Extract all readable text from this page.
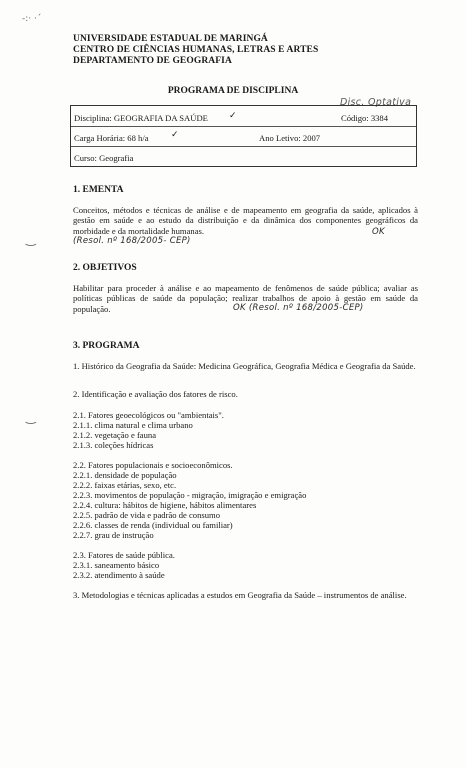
-:· ·´
UNIVERSIDADE ESTADUAL DE MARINGÁ
CENTRO DE CIÊNCIAS HUMANAS, LETRAS E ARTES
DEPARTAMENTO DE GEOGRAFIA
PROGRAMA DE DISCIPLINA
Disc. Optativa
Disciplina: GEOGRAFIA DA SAÚDE ✓	Código: 3384
Carga Horária: 68 h/a ✓	Ano Letivo: 2007
Curso: Geografia
1. EMENTA
Conceitos, métodos e técnicas de análise e de mapeamento em geografia da saúde, aplicados à gestão em saúde e ao estudo da distribuição e da dinâmica dos componentes geográficos da morbidade e da mortalidade humanas.	OK
(Resol. nº 168/2005- CEP)
‿
2. OBJETIVOS
Habilitar para proceder à análise e ao mapeamento de fenômenos de saúde pública; avaliar as políticas públicas de saúde da população; realizar trabalhos de apoio à gestão em saúde da população.	OK (Resol. nº 168/2005-CEP)
3. PROGRAMA
1. Histórico da Geografia da Saúde: Medicina Geográfica, Geografia Médica e Geografia da Saúde.
2. Identificação e avaliação dos fatores de risco.
‿	2.1. Fatores geoecológicos ou "ambientais".
2.1.1. clima natural e clima urbano
2.1.2. vegetação e fauna
2.1.3. coleções hídricas
2.2. Fatores populacionais e socioeconômicos.
2.2.1. densidade de população
2.2.2. faixas etárias, sexo, etc.
2.2.3. movimentos de população - migração, imigração e emigração
2.2.4. cultura: hábitos de higiene, hábitos alimentares
2.2.5. padrão de vida e padrão de consumo
2.2.6. classes de renda (individual ou familiar)
2.2.7. grau de instrução
2.3. Fatores de saúde pública.
2.3.1. saneamento básico
2.3.2. atendimento à saúde
3. Metodologias e técnicas aplicadas a estudos em Geografia da Saúde – instrumentos de análise.
